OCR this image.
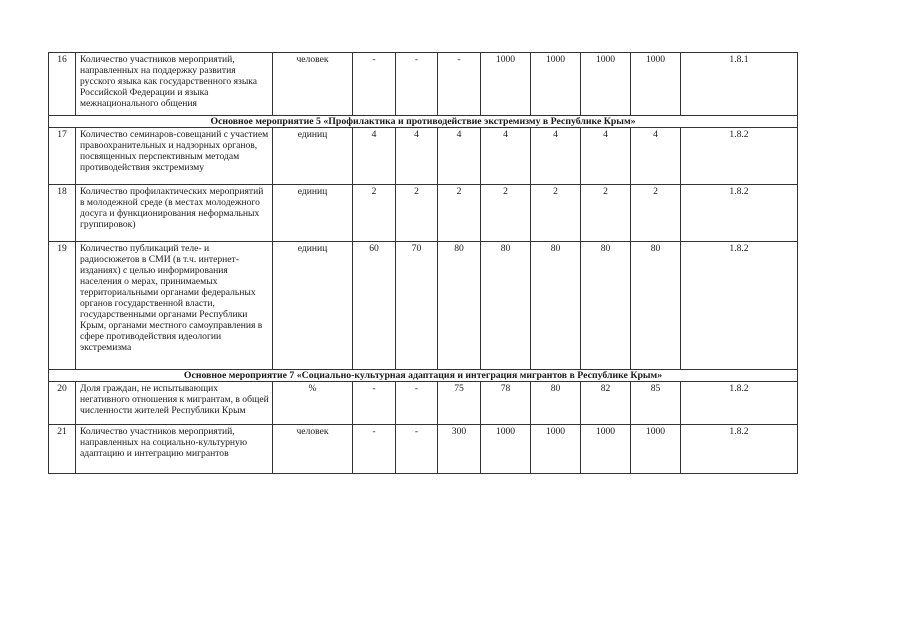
16	Количество участников мероприятий, направленных на поддержку развития русского языка как государственного языка Российской Федерации и языка межнационального общения	человек	-	-	-	1000	1000	1000	1000	1.8.1
Основное мероприятие 5 «Профилактика и противодействие экстремизму в Республике Крым»										
17	Количество семинаров-совещаний с участием правоохранительных и надзорных органов, посвященных перспективным методам противодействия экстремизму	единиц	4	4	4	4	4	4	4	1.8.2
18	Количество профилактических мероприятий в молодежной среде (в местах молодежного досуга и функционирования неформальных группировок)	единиц	2	2	2	2	2	2	2	1.8.2
19	Количество публикаций теле- и радиосюжетов в СМИ (в т.ч. интернет-изданиях) с целью информирования населения о мерах, принимаемых территориальными органами федеральных органов государственной власти, государственными органами Республики Крым, органами местного самоуправления в сфере противодействия идеологии экстремизма	единиц	60	70	80	80	80	80	80	1.8.2
Основное мероприятие 7 «Социально-культурная адаптация и интеграция мигрантов в Республике Крым»										
20	Доля граждан, не испытывающих негативного отношения к мигрантам, в общей численности жителей Республики Крым	%	-	-	75	78	80	82	85	1.8.2
21	Количество участников мероприятий, направленных на социально-культурную адаптацию и интеграцию мигрантов	человек	-	-	300	1000	1000	1000	1000	1.8.2
